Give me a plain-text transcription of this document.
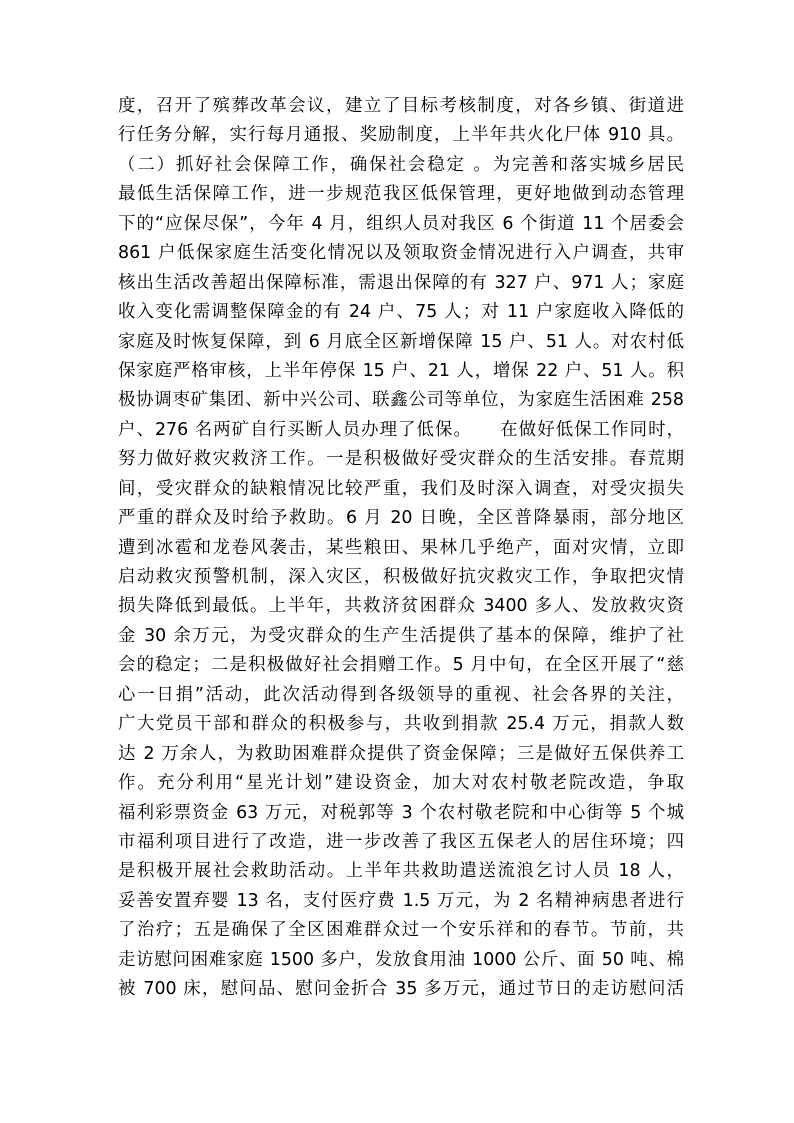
度，召开了殡葬改革会议，建立了目标考核制度，对各乡镇、街道进
行任务分解，实行每月通报、奖励制度，上半年共火化尸体 910 具。
（二）抓好社会保障工作，确保社会稳定 。为完善和落实城乡居民
最低生活保障工作，进一步规范我区低保管理，更好地做到动态管理
下的“应保尽保”，今年 4 月，组织人员对我区 6 个街道 11 个居委会
861 户低保家庭生活变化情况以及领取资金情况进行入户调查，共审
核出生活改善超出保障标准，需退出保障的有 327 户、971 人；家庭
收入变化需调整保障金的有 24 户、75 人；对 11 户家庭收入降低的
家庭及时恢复保障，到 6 月底全区新增保障 15 户、51 人。对农村低
保家庭严格审核，上半年停保 15 户、21 人，增保 22 户、51 人。积
极协调枣矿集团、新中兴公司、联鑫公司等单位，为家庭生活困难 258
户、276 名两矿自行买断人员办理了低保。　　在做好低保工作同时，
努力做好救灾救济工作。一是积极做好受灾群众的生活安排。春荒期
间，受灾群众的缺粮情况比较严重，我们及时深入调查，对受灾损失
严重的群众及时给予救助。6 月 20 日晚，全区普降暴雨，部分地区
遭到冰雹和龙卷风袭击，某些粮田、果林几乎绝产，面对灾情，立即
启动救灾预警机制，深入灾区，积极做好抗灾救灾工作，争取把灾情
损失降低到最低。上半年，共救济贫困群众 3400 多人、发放救灾资
金 30 余万元，为受灾群众的生产生活提供了基本的保障，维护了社
会的稳定；二是积极做好社会捐赠工作。5 月中旬，在全区开展了“慈
心一日捐”活动，此次活动得到各级领导的重视、社会各界的关注，
广大党员干部和群众的积极参与，共收到捐款 25.4 万元，捐款人数
达 2 万余人，为救助困难群众提供了资金保障；三是做好五保供养工
作。充分利用“星光计划”建设资金，加大对农村敬老院改造，争取
福利彩票资金 63 万元，对税郭等 3 个农村敬老院和中心街等 5 个城
市福利项目进行了改造，进一步改善了我区五保老人的居住环境；四
是积极开展社会救助活动。上半年共救助遣送流浪乞讨人员 18 人，
妥善安置弃婴 13 名，支付医疗费 1.5 万元，为 2 名精神病患者进行
了治疗；五是确保了全区困难群众过一个安乐祥和的春节。节前，共
走访慰问困难家庭 1500 多户，发放食用油 1000 公斤、面 50 吨、棉
被 700 床，慰问品、慰问金折合 35 多万元，通过节日的走访慰问活
